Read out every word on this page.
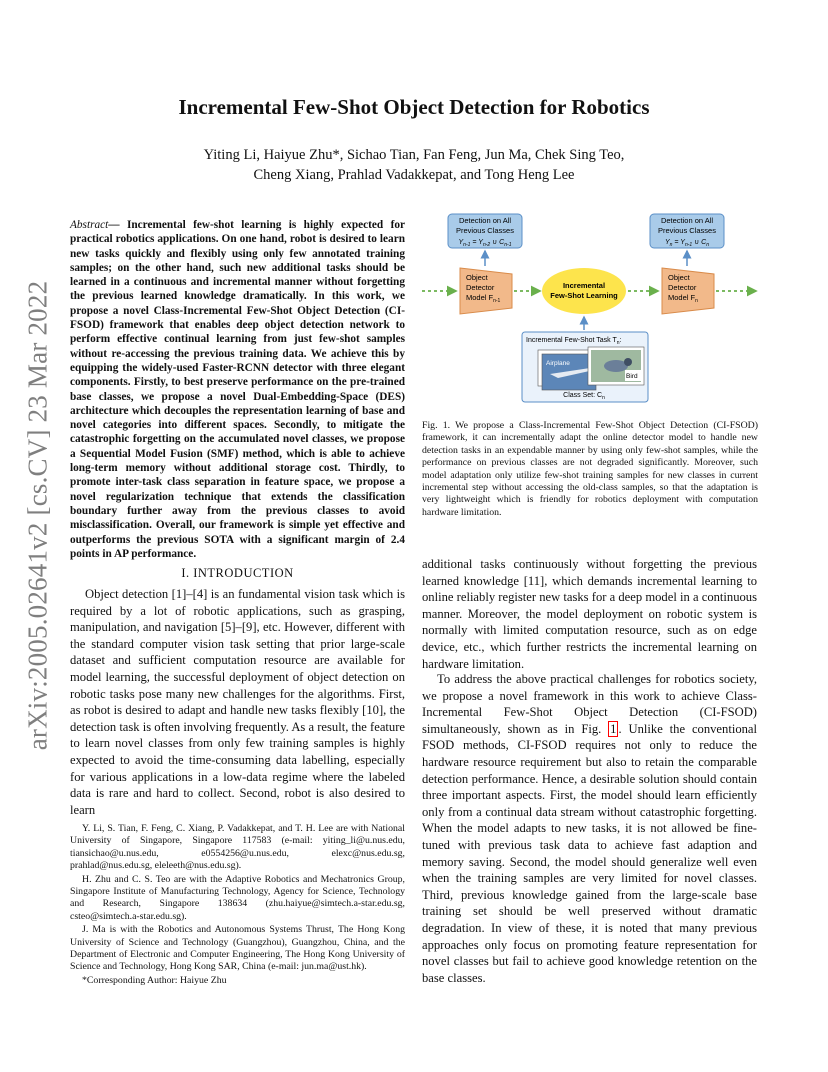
arXiv:2005.02641v2 [cs.CV] 23 Mar 2022
Incremental Few-Shot Object Detection for Robotics
Yiting Li, Haiyue Zhu*, Sichao Tian, Fan Feng, Jun Ma, Chek Sing Teo,
Cheng Xiang, Prahlad Vadakkepat, and Tong Heng Lee

Abstract— Incremental few-shot learning is highly expected for practical robotics applications. On one hand, robot is desired to learn new tasks quickly and flexibly using only few annotated training samples; on the other hand, such new additional tasks should be learned in a continuous and incremental manner without forgetting the previous learned knowledge dramatically. In this work, we propose a novel Class-Incremental Few-Shot Object Detection (CI-FSOD) framework that enables deep object detection network to perform effective continual learning from just few-shot samples without re-accessing the previous training data. We achieve this by equipping the widely-used Faster-RCNN detector with three elegant components. Firstly, to best preserve performance on the pre-trained base classes, we propose a novel Dual-Embedding-Space (DES) architecture which decouples the representation learning of base and novel categories into different spaces. Secondly, to mitigate the catastrophic forgetting on the accumulated novel classes, we propose a Sequential Model Fusion (SMF) method, which is able to achieve long-term memory without additional storage cost. Thirdly, to promote inter-task class separation in feature space, we propose a novel regularization technique that extends the classification boundary further away from the previous classes to avoid misclassification. Overall, our framework is simple yet effective and outperforms the previous SOTA with a significant margin of 2.4 points in AP performance.

I. INTRODUCTION

Object detection [1]–[4] is an fundamental vision task which is required by a lot of robotic applications, such as grasping, manipulation, and navigation [5]–[9], etc. However, different with the standard computer vision task setting that prior large-scale dataset and sufficient computation resource are available for model learning, the successful deployment of object detection on robotic tasks pose many new challenges for the algorithms. First, as robot is desired to adapt and handle new tasks flexibly [10], the detection task is often involving frequently. As a result, the feature to learn novel classes from only few training samples is highly expected to avoid the time-consuming data labelling, especially for various applications in a low-data regime where the labeled data is rare and hard to collect. Second, robot is also desired to learn

Y. Li, S. Tian, F. Feng, C. Xiang, P. Vadakkepat, and T. H. Lee are with National University of Singapore, Singapore 117583 (e-mail: yiting_li@u.nus.edu, tiansichao@u.nus.edu, e0554256@u.nus.edu, elexc@nus.edu.sg, prahlad@nus.edu.sg, eleleeth@nus.edu.sg).

H. Zhu and C. S. Teo are with the Adaptive Robotics and Mechatronics Group, Singapore Institute of Manufacturing Technology, Agency for Science, Technology and Research, Singapore 138634 (zhu.haiyue@simtech.a-star.edu.sg, csteo@simtech.a-star.edu.sg).

J. Ma is with the Robotics and Autonomous Systems Thrust, The Hong Kong University of Science and Technology (Guangzhou), Guangzhou, China, and the Department of Electronic and Computer Engineering, The Hong Kong University of Science and Technology, Hong Kong SAR, China (e-mail: jun.ma@ust.hk).

*Corresponding Author: Haiyue Zhu

Detection on All
Previous Classes
$Y_{n-1} = Y_{n-2}$ ∪ $C_{n-1}$
Detection on All
Previous Classes
$Y_n = Y_{n-1}$ ∪ $C_n$
Object
Detector
Model $F_{n-1}$
Object
Detector
Model $F_n$
Incremental
Few-Shot Learning
Incremental Few-Shot Task $T_n$:
Airplane
Bird
Class Set: $C_n$

Fig. 1. We propose a Class-Incremental Few-Shot Object Detection (CI-FSOD) framework, it can incrementally adapt the online detector model to handle new detection tasks in an expendable manner by using only few-shot samples, while the performance on previous classes are not degraded significantly. Moreover, such model adaptation only utilize few-shot training samples for new classes in current incremental step without accessing the old-class samples, so that the adaptation is very lightweight which is friendly for robotics deployment with computation hardware limitation.

additional tasks continuously without forgetting the previous learned knowledge [11], which demands incremental learning to online reliably register new tasks for a deep model in a continuous manner. Moreover, the model deployment on robotic system is normally with limited computation resource, such as on edge device, etc., which further restricts the incremental learning on hardware limitation.

To address the above practical challenges for robotics society, we propose a novel framework in this work to achieve Class-Incremental Few-Shot Object Detection (CI-FSOD) simultaneously, shown as in Fig. 1 . Unlike the conventional FSOD methods, CI-FSOD requires not only to reduce the hardware resource requirement but also to retain the comparable detection performance. Hence, a desirable solution should contain three important aspects. First, the model should learn efficiently only from a continual data stream without catastrophic forgetting. When the model adapts to new tasks, it is not allowed be fine-tuned with previous task data to achieve fast adaption and memory saving. Second, the model should generalize well even when the training samples are very limited for novel classes. Third, previous knowledge gained from the large-scale base training set should be well preserved without dramatic degradation. In view of these, it is noted that many previous approaches only focus on promoting feature representation for novel classes but fail to achieve good knowledge retention on the base classes.
